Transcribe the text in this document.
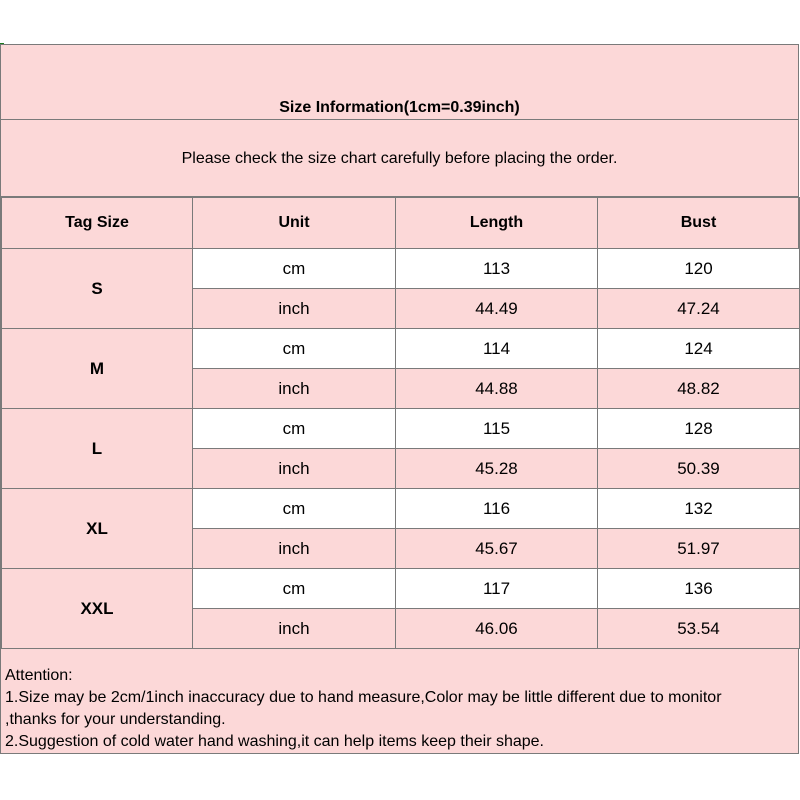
Size Information(1cm=0.39inch)
Please check the size chart carefully before placing the order.
Tag Size	Unit	Length	Bust
S	cm	113	120
	inch	44.49	47.24
M	cm	114	124
	inch	44.88	48.82
L	cm	115	128
	inch	45.28	50.39
XL	cm	116	132
	inch	45.67	51.97
XXL	cm	117	136
	inch	46.06	53.54
Attention:
1.Size may be 2cm/1inch inaccuracy due to hand measure,Color may be little different due to monitor
,thanks for your understanding.
2.Suggestion of cold water hand washing,it can help items keep their shape.
